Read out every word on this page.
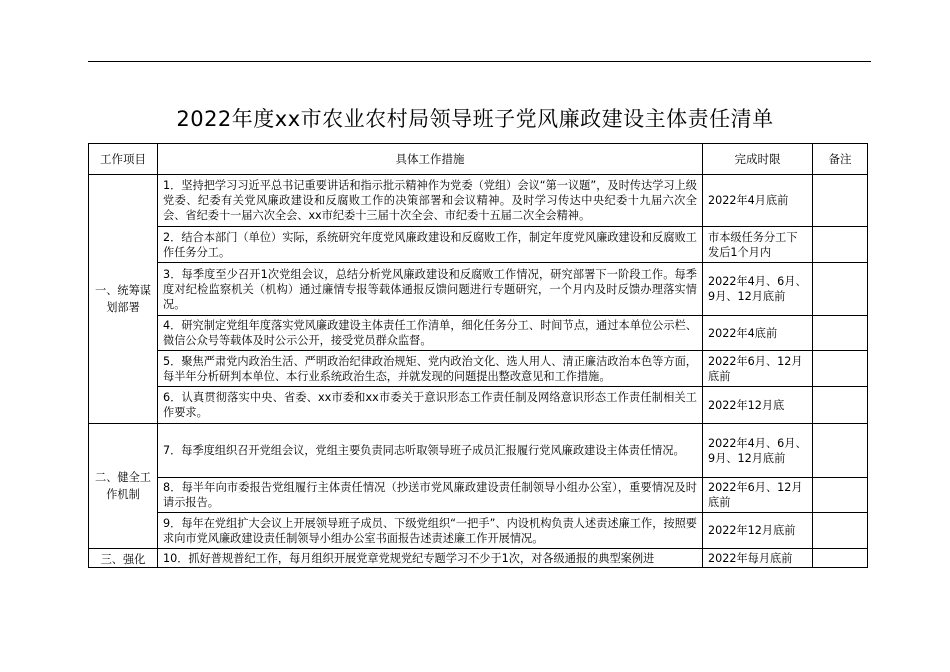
2022年度xx市农业农村局领导班子党风廉政建设主体责任清单
工作项目	具体工作措施	完成时限	备注
一、统筹谋划部署	1．坚持把学习习近平总书记重要讲话和指示批示精神作为党委（党组）会议“第一议题”，及时传达学习上级党委、纪委有关党风廉政建设和反腐败工作的决策部署和会议精神。及时学习传达中央纪委十九届六次全会、省纪委十一届六次全会、xx市纪委十三届十次全会、市纪委十五届二次全会精神。	2022年4月底前	
	2．结合本部门（单位）实际，系统研究年度党风廉政建设和反腐败工作，制定年度党风廉政建设和反腐败工作任务分工。	市本级任务分工下发后1个月内	
	3．每季度至少召开1次党组会议，总结分析党风廉政建设和反腐败工作情况，研究部署下一阶段工作。每季度对纪检监察机关（机构）通过廉情专报等载体通报反馈问题进行专题研究，一个月内及时反馈办理落实情况。	2022年4月、6月、9月、12月底前	
	4．研究制定党组年度落实党风廉政建设主体责任工作清单，细化任务分工、时间节点，通过本单位公示栏、微信公众号等载体及时公示公开，接受党员群众监督。	2022年4底前	
	5．聚焦严肃党内政治生活、严明政治纪律政治规矩、党内政治文化、选人用人、清正廉洁政治本色等方面，每半年分析研判本单位、本行业系统政治生态，并就发现的问题提出整改意见和工作措施。	2022年6月、12月底前	
	6．认真贯彻落实中央、省委、xx市委和xx市委关于意识形态工作责任制及网络意识形态工作责任制相关工作要求。	2022年12月底	
二、健全工作机制	7．每季度组织召开党组会议，党组主要负责同志听取领导班子成员汇报履行党风廉政建设主体责任情况。	2022年4月、6月、9月、12月底前	
	8．每半年向市委报告党组履行主体责任情况（抄送市党风廉政建设责任制领导小组办公室），重要情况及时请示报告。	2022年6月、12月底前	
	9．每年在党组扩大会议上开展领导班子成员、下级党组织“一把手”、内设机构负责人述责述廉工作，按照要求向市党风廉政建设责任制领导小组办公室书面报告述责述廉工作开展情况。	2022年12月底前	

三、强化	10．抓好普规普纪工作，每月组织开展党章党规党纪专题学习不少于1次，对各级通报的典型案例进	2022年每月底前	
